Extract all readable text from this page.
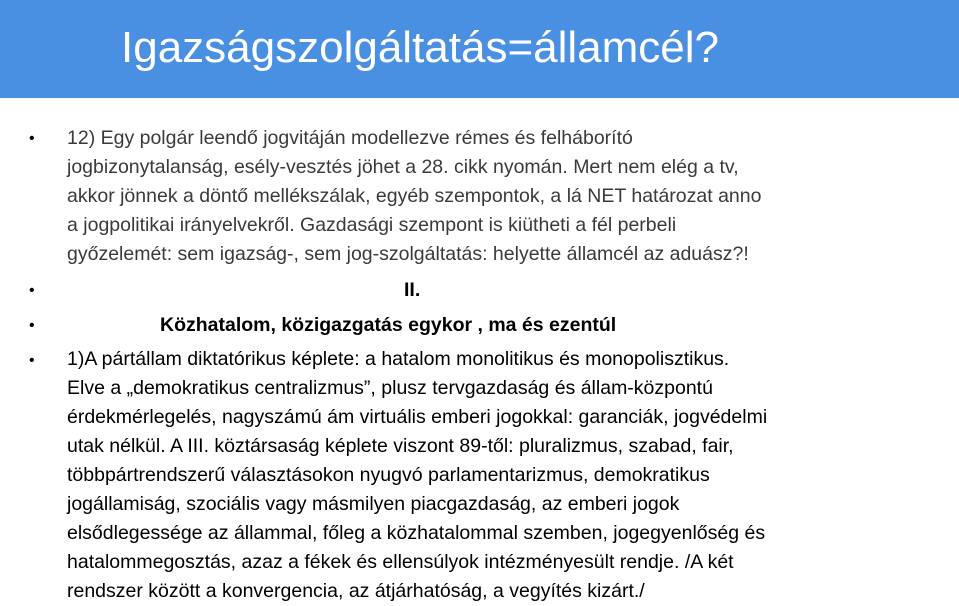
Igazságszolgáltatás=államcél?
• 12) Egy polgár leendő jogvitáján modellezve rémes és felháborító
jogbizonytalanság, esély-vesztés jöhet a 28. cikk nyomán. Mert nem elég a tv,
akkor jönnek a döntő mellékszálak, egyéb szempontok, a lá NET határozat anno
a jogpolitikai irányelvekről. Gazdasági szempont is kiütheti a fél perbeli
győzelemét: sem igazság-, sem jog-szolgáltatás: helyette államcél az aduász?!
•	II.
•	Közhatalom, közigazgatás egykor , ma és ezentúl
• 1)A pártállam diktatórikus képlete: a hatalom monolitikus és monopolisztikus.
Elve a „demokratikus centralizmus”, plusz tervgazdaság és állam-központú
érdekmérlegelés, nagyszámú ám virtuális emberi jogokkal: garanciák, jogvédelmi
utak nélkül. A III. köztársaság képlete viszont 89-től: pluralizmus, szabad, fair,
többpártrendszerű választásokon nyugvó parlamentarizmus, demokratikus
jogállamiság, szociális vagy másmilyen piacgazdaság, az emberi jogok
elsődlegessége az állammal, főleg a közhatalommal szemben, jogegyenlőség és
hatalommegosztás, azaz a fékek és ellensúlyok intézményesült rendje. /A két
rendszer között a konvergencia, az átjárhatóság, a vegyítés kizárt./
